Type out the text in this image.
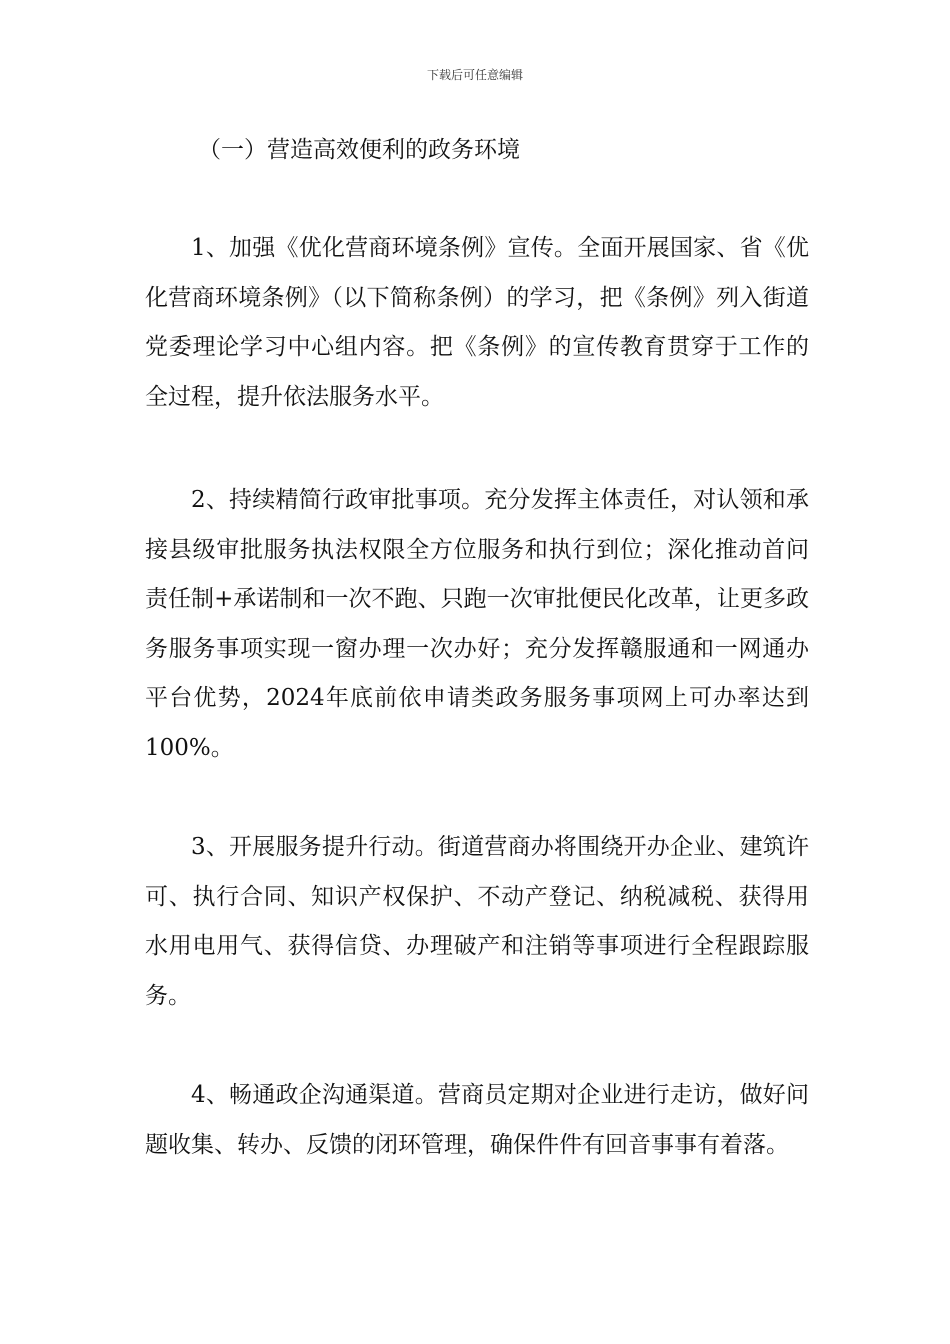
下载后可任意编辑
（一）营造高效便利的政务环境

1、加强《优化营商环境条例》宣传。全面开展国家、省《优化营商环境条例》（以下简称条例）的学习，把《条例》列入街道党委理论学习中心组内容。把《条例》的宣传教育贯穿于工作的全过程，提升依法服务水平。

2、持续精简行政审批事项。充分发挥主体责任，对认领和承接县级审批服务执法权限全方位服务和执行到位；深化推动首问责任制+承诺制和一次不跑、只跑一次审批便民化改革，让更多政务服务事项实现一窗办理一次办好；充分发挥赣服通和一网通办平台优势，2024年底前依申请类政务服务事项网上可办率达到100%。

3、开展服务提升行动。街道营商办将围绕开办企业、建筑许可、执行合同、知识产权保护、不动产登记、纳税减税、获得用水用电用气、获得信贷、办理破产和注销等事项进行全程跟踪服务。

4、畅通政企沟通渠道。营商员定期对企业进行走访，做好问题收集、转办、反馈的闭环管理，确保件件有回音事事有着落。
